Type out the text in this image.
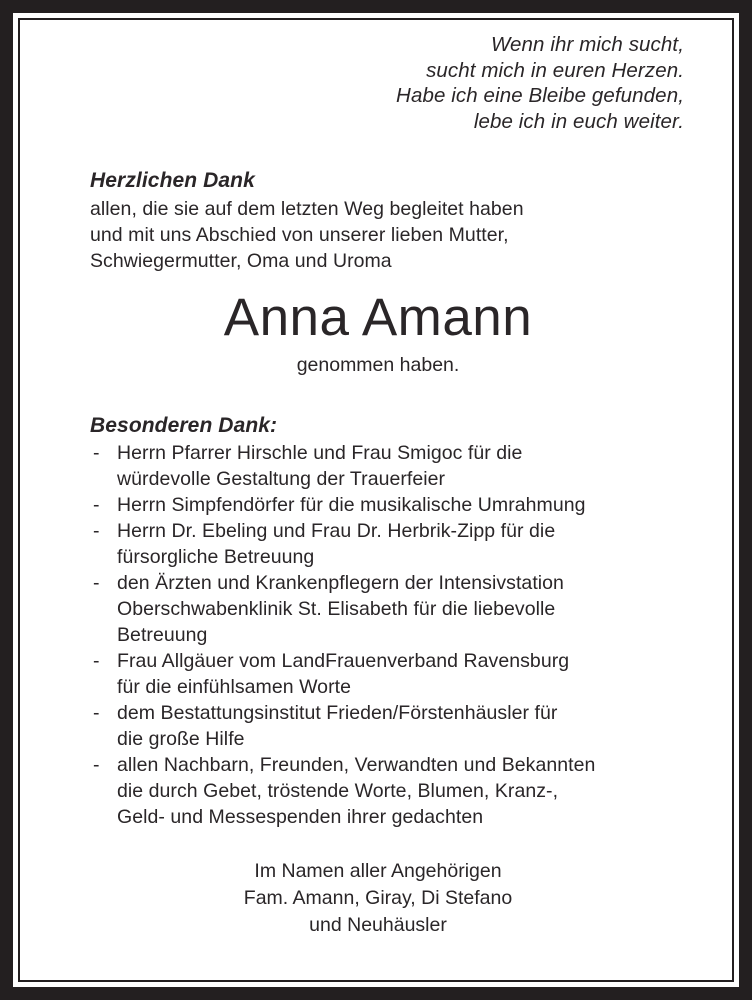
Wenn ihr mich sucht,
sucht mich in euren Herzen.
Habe ich eine Bleibe gefunden,
lebe ich in euch weiter.
Herzlichen Dank
allen, die sie auf dem letzten Weg begleitet haben
und mit uns Abschied von unserer lieben Mutter,
Schwiegermutter, Oma und Uroma
Anna Amann
genommen haben.
Besonderen Dank:
- Herrn Pfarrer Hirschle und Frau Smigoc für die
würdevolle Gestaltung der Trauerfeier
- Herrn Simpfendörfer für die musikalische Umrahmung
- Herrn Dr. Ebeling und Frau Dr. Herbrik-Zipp für die
fürsorgliche Betreuung
- den Ärzten und Krankenpflegern der Intensivstation
Oberschwabenklinik St. Elisabeth für die liebevolle
Betreuung
- Frau Allgäuer vom LandFrauenverband Ravensburg
für die einfühlsamen Worte
- dem Bestattungsinstitut Frieden/Förstenhäusler für
die große Hilfe
- allen Nachbarn, Freunden, Verwandten und Bekannten
die durch Gebet, tröstende Worte, Blumen, Kranz-,
Geld- und Messespenden ihrer gedachten
Im Namen aller Angehörigen
Fam. Amann, Giray, Di Stefano
und Neuhäusler
